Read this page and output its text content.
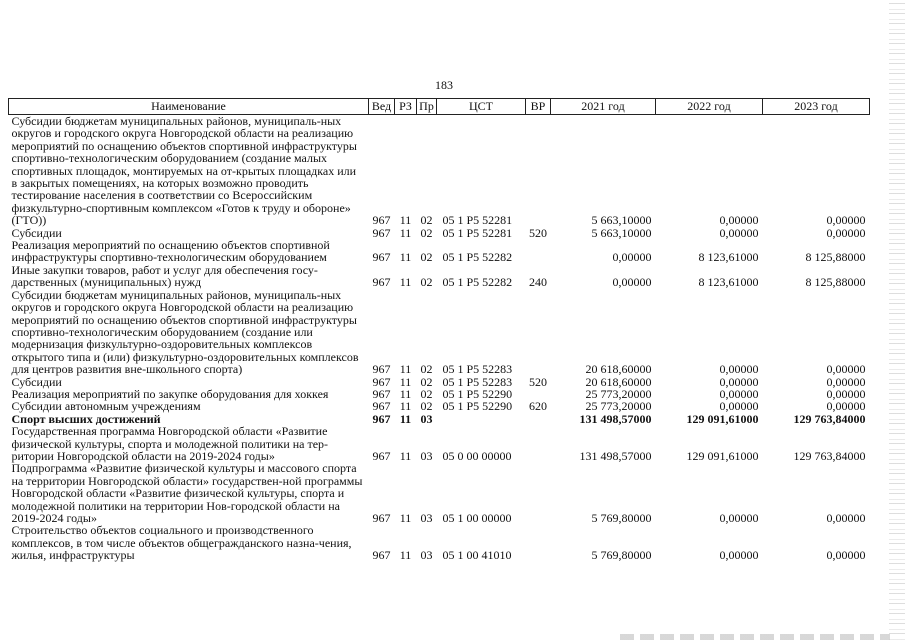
183
Наименование	Вед	РЗ	Пр	ЦСТ	ВР	2021 год	2022 год	2023 год
Субсидии бюджетам муниципальных районов, муниципаль-ных округов и городского округа Новгородской области на реализацию мероприятий по оснащению объектов спортивной инфраструктуры спортивно-технологическим оборудованием (создание малых спортивных площадок, монтируемых на от-крытых площадках или в закрытых помещениях, на которых возможно проводить тестирование населения в соответствии со Всероссийским физкультурно-спортивным комплексом «Готов к труду и обороне» (ГТО))	967	11	02	05 1 P5 52281		5 663,10000	0,00000	0,00000
Субсидии	967	11	02	05 1 P5 52281	520	5 663,10000	0,00000	0,00000
Реализация мероприятий по оснащению объектов спортивной инфраструктуры спортивно-технологическим оборудованием	967	11	02	05 1 P5 52282		0,00000	8 123,61000	8 125,88000
Иные закупки товаров, работ и услуг для обеспечения госу-дарственных (муниципальных) нужд	967	11	02	05 1 P5 52282	240	0,00000	8 123,61000	8 125,88000
Субсидии бюджетам муниципальных районов, муниципаль-ных округов и городского округа Новгородской области на реализацию мероприятий по оснащению объектов спортивной инфраструктуры спортивно-технологическим оборудованием (создание или модернизация физкультурно-оздоровительных комплексов открытого типа и (или) физкультурно-оздоровительных комплексов для центров развития вне-школьного спорта)	967	11	02	05 1 P5 52283		20 618,60000	0,00000	0,00000
Субсидии	967	11	02	05 1 P5 52283	520	20 618,60000	0,00000	0,00000
Реализация мероприятий по закупке оборудования для хоккея	967	11	02	05 1 P5 52290		25 773,20000	0,00000	0,00000
Субсидии автономным учреждениям	967	11	02	05 1 P5 52290	620	25 773,20000	0,00000	0,00000
Спорт высших достижений	967	11	03			131 498,57000	129 091,61000	129 763,84000
Государственная программа Новгородской области «Развитие физической культуры, спорта и молодежной политики на тер-ритории Новгородской области на 2019-2024 годы»	967	11	03	05 0 00 00000		131 498,57000	129 091,61000	129 763,84000
Подпрограмма «Развитие физической культуры и массового спорта на территории Новгородской области» государствен-ной программы Новгородской области «Развитие физической культуры, спорта и молодежной политики на территории Нов-городской области на 2019-2024 годы»	967	11	03	05 1 00 00000		5 769,80000	0,00000	0,00000
Строительство объектов социального и производственного комплексов, в том числе объектов общегражданского назна-чения, жилья, инфраструктуры	967	11	03	05 1 00 41010		5 769,80000	0,00000	0,00000
